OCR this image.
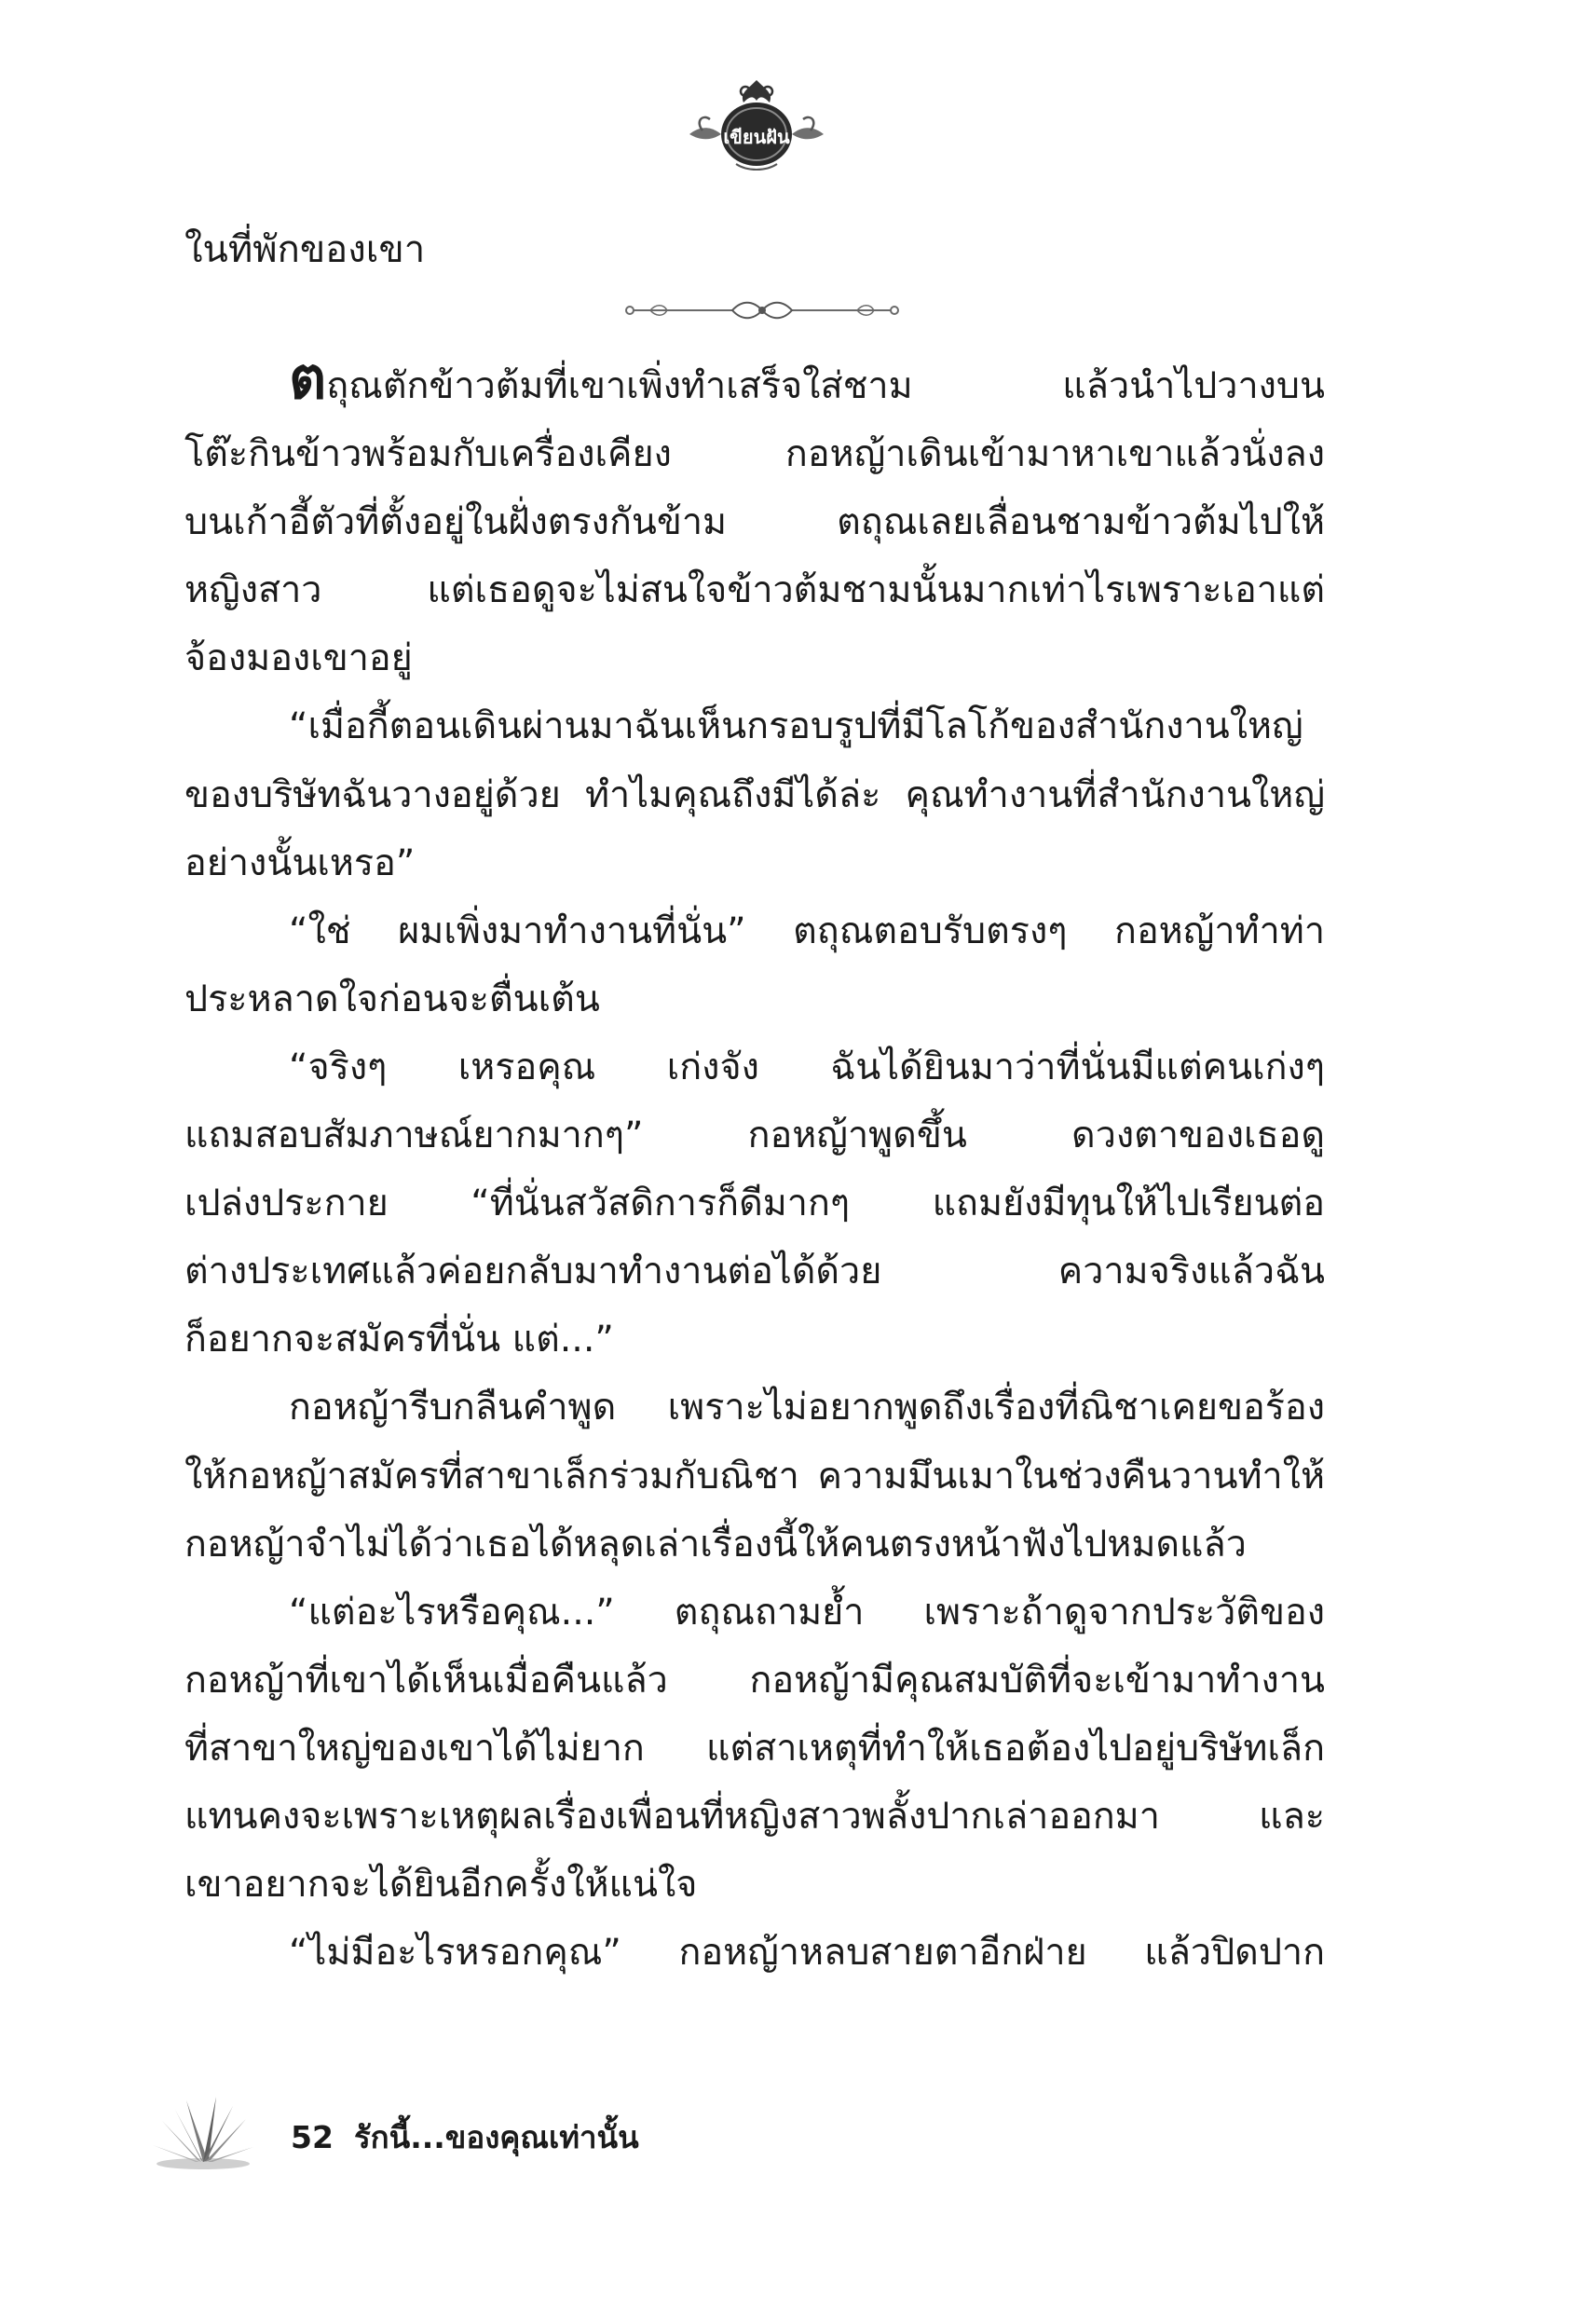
เขียนฝัน

ในที่พักของเขา

ตถุณตักข้าวต้มที่เขาเพิ่งทำเสร็จใส่ชาม แล้วนำไปวางบน
โต๊ะกินข้าวพร้อมกับเครื่องเคียง กอหญ้าเดินเข้ามาหาเขาแล้วนั่งลง
บนเก้าอี้ตัวที่ตั้งอยู่ในฝั่งตรงกันข้าม ตถุณเลยเลื่อนชามข้าวต้มไปให้
หญิงสาว แต่เธอดูจะไม่สนใจข้าวต้มชามนั้นมากเท่าไรเพราะเอาแต่
จ้องมองเขาอยู่
“เมื่อกี้ตอนเดินผ่านมาฉันเห็นกรอบรูปที่มีโลโก้ของสำนักงานใหญ่
ของบริษัทฉันวางอยู่ด้วย ทำไมคุณถึงมีได้ล่ะ คุณทำงานที่สำนักงานใหญ่
อย่างนั้นเหรอ”
“ใช่ ผมเพิ่งมาทำงานที่นั่น” ตถุณตอบรับตรงๆ กอหญ้าทำท่า
ประหลาดใจก่อนจะตื่นเต้น
“จริงๆ เหรอคุณ เก่งจัง ฉันได้ยินมาว่าที่นั่นมีแต่คนเก่งๆ
แถมสอบสัมภาษณ์ยากมากๆ” กอหญ้าพูดขึ้น ดวงตาของเธอดู
เปล่งประกาย “ที่นั่นสวัสดิการก็ดีมากๆ แถมยังมีทุนให้ไปเรียนต่อ
ต่างประเทศแล้วค่อยกลับมาทำงานต่อได้ด้วย ความจริงแล้วฉัน
ก็อยากจะสมัครที่นั่น แต่...”
กอหญ้ารีบกลืนคำพูด เพราะไม่อยากพูดถึงเรื่องที่ณิชาเคยขอร้อง
ให้กอหญ้าสมัครที่สาขาเล็กร่วมกับณิชา ความมึนเมาในช่วงคืนวานทำให้
กอหญ้าจำไม่ได้ว่าเธอได้หลุดเล่าเรื่องนี้ให้คนตรงหน้าฟังไปหมดแล้ว
“แต่อะไรหรือคุณ...” ตถุณถามย้ำ เพราะถ้าดูจากประวัติของ
กอหญ้าที่เขาได้เห็นเมื่อคืนแล้ว กอหญ้ามีคุณสมบัติที่จะเข้ามาทำงาน
ที่สาขาใหญ่ของเขาได้ไม่ยาก แต่สาเหตุที่ทำให้เธอต้องไปอยู่บริษัทเล็ก
แทนคงจะเพราะเหตุผลเรื่องเพื่อนที่หญิงสาวพลั้งปากเล่าออกมา และ
เขาอยากจะได้ยินอีกครั้งให้แน่ใจ
“ไม่มีอะไรหรอกคุณ” กอหญ้าหลบสายตาอีกฝ่าย แล้วปิดปาก
52 รักนี้...ของคุณเท่านั้น
